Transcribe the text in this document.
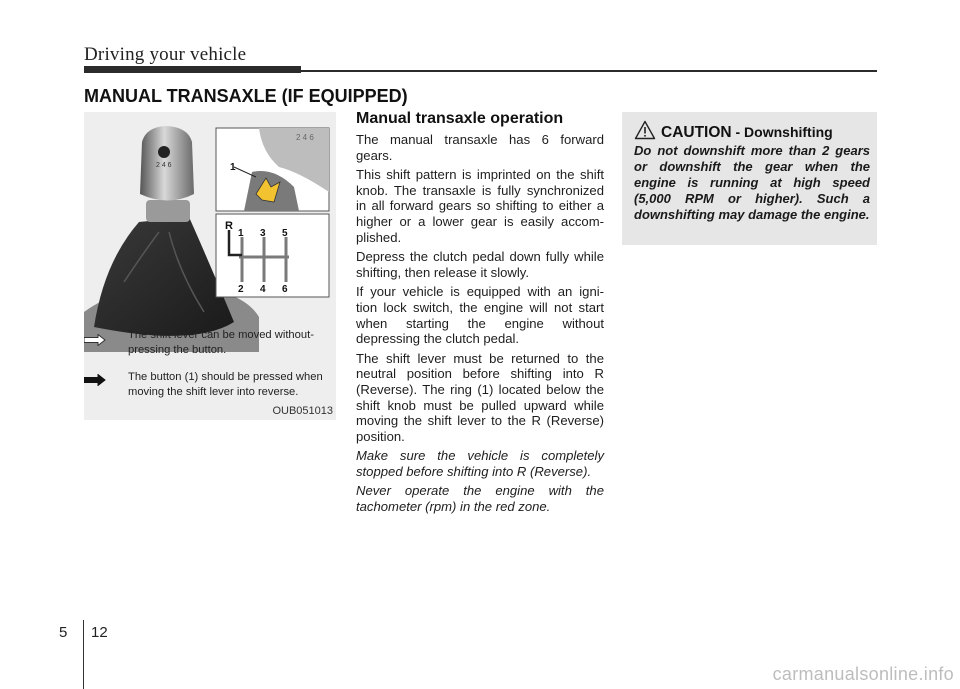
Driving your vehicle
MANUAL TRANSAXLE (IF EQUIPPED)
2 4 6
2 4 6
1
R
1 3 5
2 4 6
The shift lever can be moved without- pressing the button.
The button (1) should be pressed when moving the shift lever into reverse.
OUB051013
Manual transaxle operation

The manual transaxle has 6 forward gears.

This shift pattern is imprinted on the shift knob. The transaxle is fully synchronized in all forward gears so shifting to either a higher or a lower gear is easily accom- plished.

Depress the clutch pedal down fully while shifting, then release it slowly.

If your vehicle is equipped with an igni- tion lock switch, the engine will not start when starting the engine without depressing the clutch pedal.

The shift lever must be returned to the neutral position before shifting into R (Reverse). The ring (1) located below the shift knob must be pulled upward while moving the shift lever to the R (Reverse) position.

Make sure the vehicle is completely stopped before shifting into R (Reverse).

Never operate the engine with the tachometer (rpm) in the red zone.

CAUTION - Downshifting
Do not downshift more than 2 gears or downshift the gear when the engine is running at high speed (5,000 RPM or higher). Such a downshifting may damage the engine.
5 12
carmanualsonline.info
